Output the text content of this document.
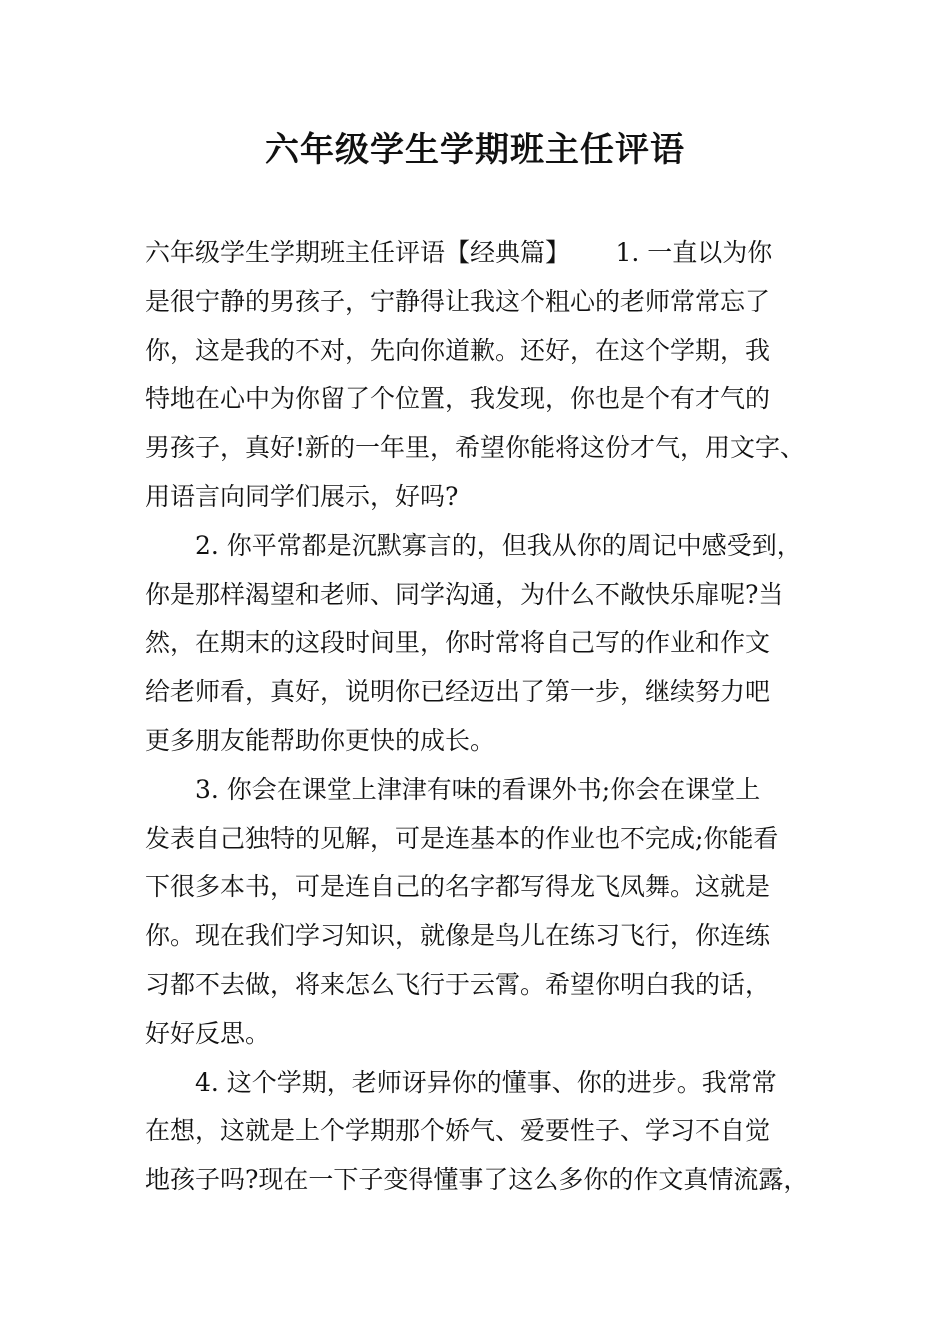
六年级学生学期班主任评语
六年级学生学期班主任评语【经典篇】　　 1. 一直以为你
是很宁静的男孩子，宁静得让我这个粗心的老师常常忘了
你，这是我的不对，先向你道歉。还好，在这个学期，我
特地在心中为你留了个位置，我发现，你也是个有才气的
男孩子，真好!新的一年里，希望你能将这份才气，用文字、
用语言向同学们展示，好吗?
　　2. 你平常都是沉默寡言的，但我从你的周记中感受到，
你是那样渴望和老师、同学沟通，为什么不敞快乐扉呢?当
然，在期末的这段时间里，你时常将自己写的作业和作文
给老师看，真好，说明你已经迈出了第一步，继续努力吧
更多朋友能帮助你更快的成长。
　　3. 你会在课堂上津津有味的看课外书;你会在课堂上
发表自己独特的见解，可是连基本的作业也不完成;你能看
下很多本书，可是连自己的名字都写得龙飞凤舞。这就是
你。现在我们学习知识，就像是鸟儿在练习飞行，你连练
习都不去做，将来怎么飞行于云霄。希望你明白我的话，
好好反思。
　　4. 这个学期，老师讶异你的懂事、你的进步。我常常
在想，这就是上个学期那个娇气、爱要性子、学习不自觉
地孩子吗?现在一下子变得懂事了这么多你的作文真情流露，
